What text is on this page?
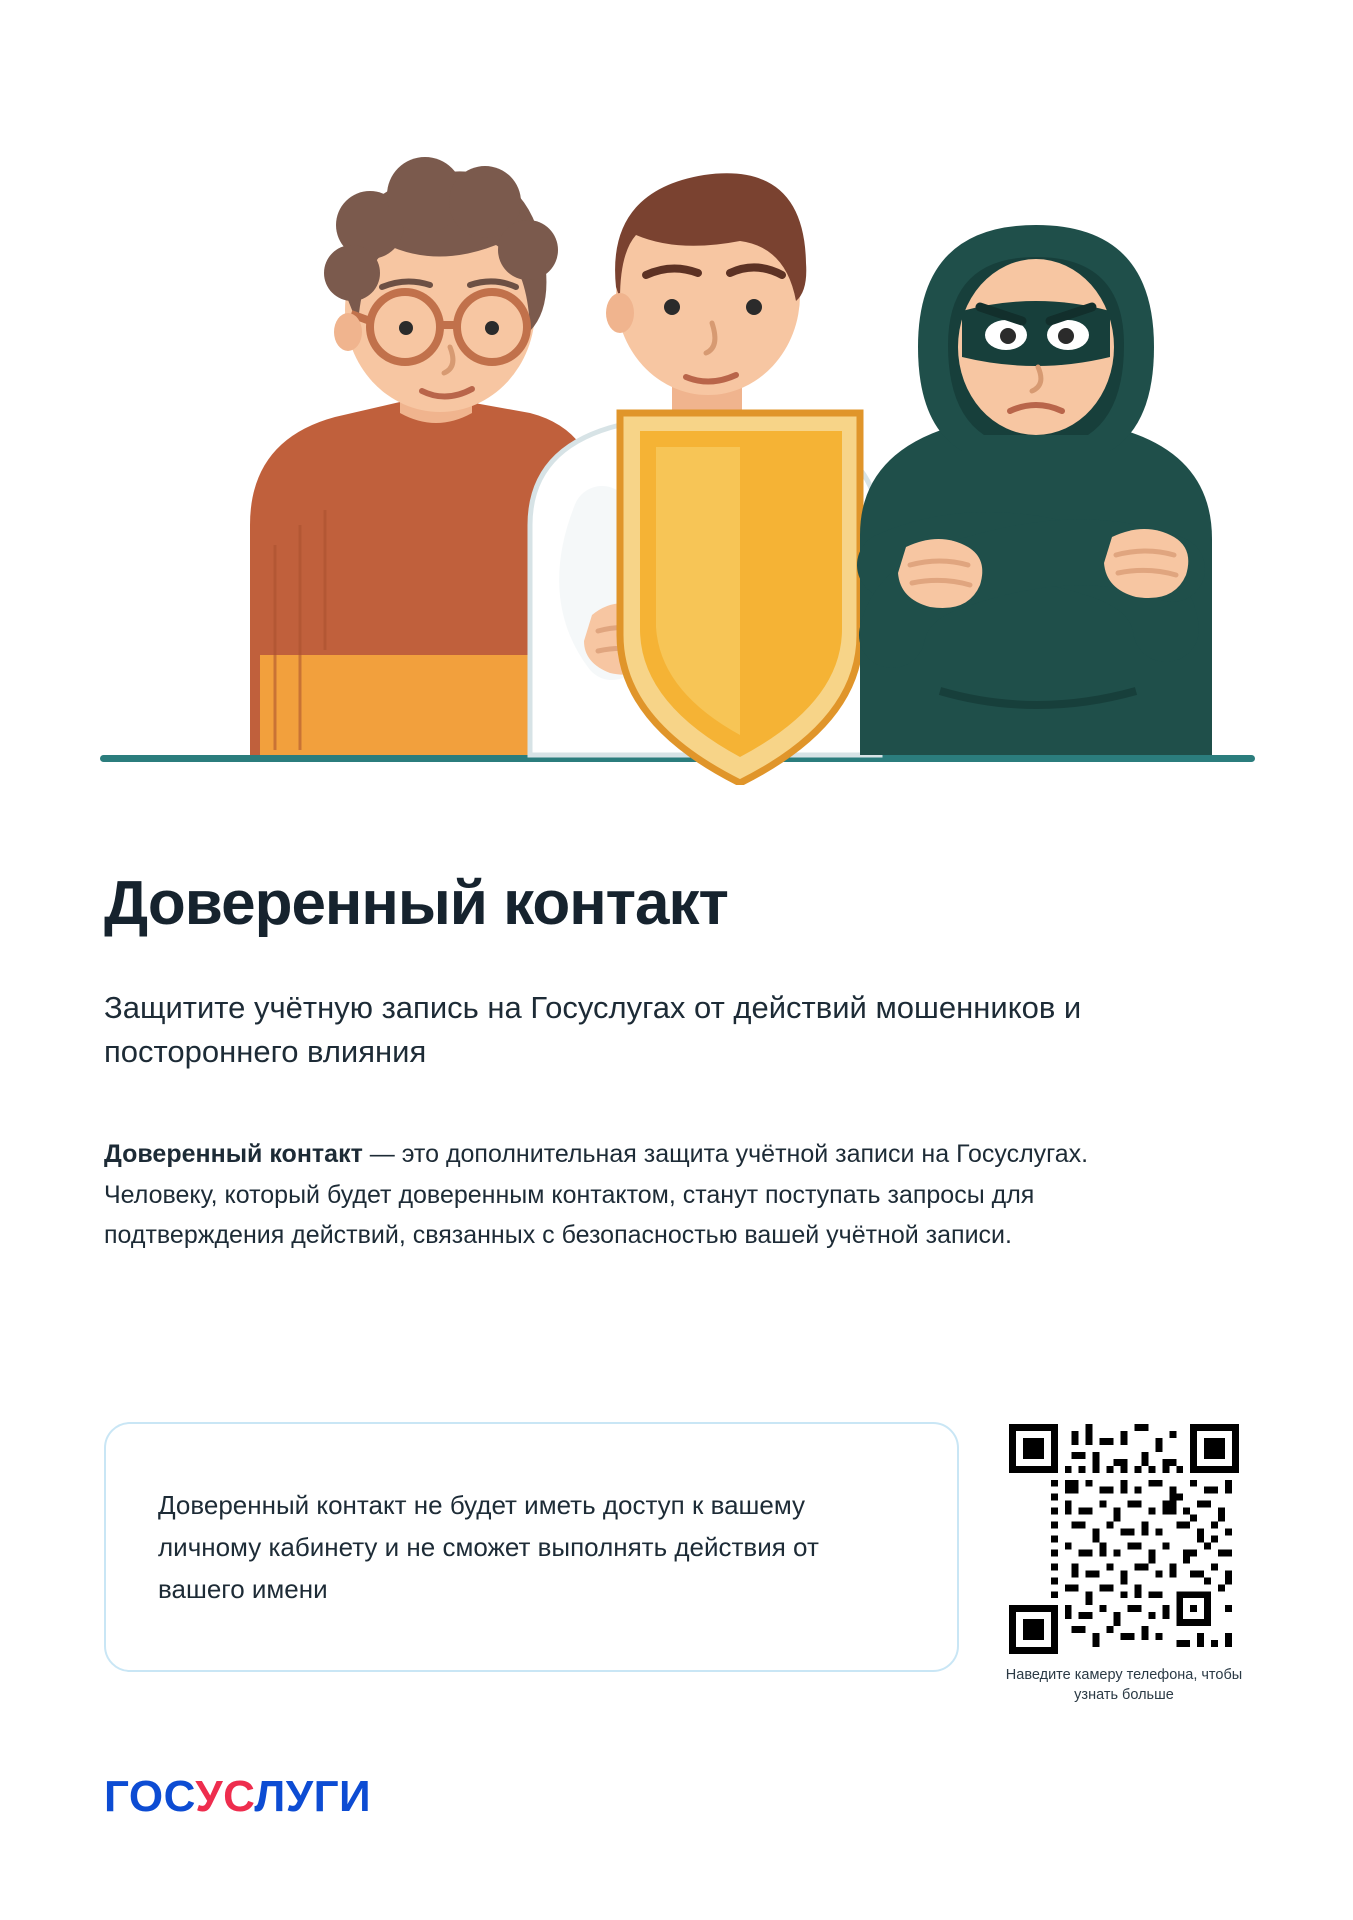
Доверенный контакт

Защитите учётную запись на Госуслугах от действий мошенников и постороннего влияния

Доверенный контакт — это дополнительная защита учётной записи на Госуслугах. Человеку, который будет доверенным контактом, станут поступать запросы для подтверждения действий, связанных с безопасностью вашей учётной записи.

Доверенный контакт не будет иметь доступ к вашему личному кабинету и не сможет выполнять действия от вашего имени

Наведите камеру телефона, чтобы узнать больше
ГОСУСЛУГИ
